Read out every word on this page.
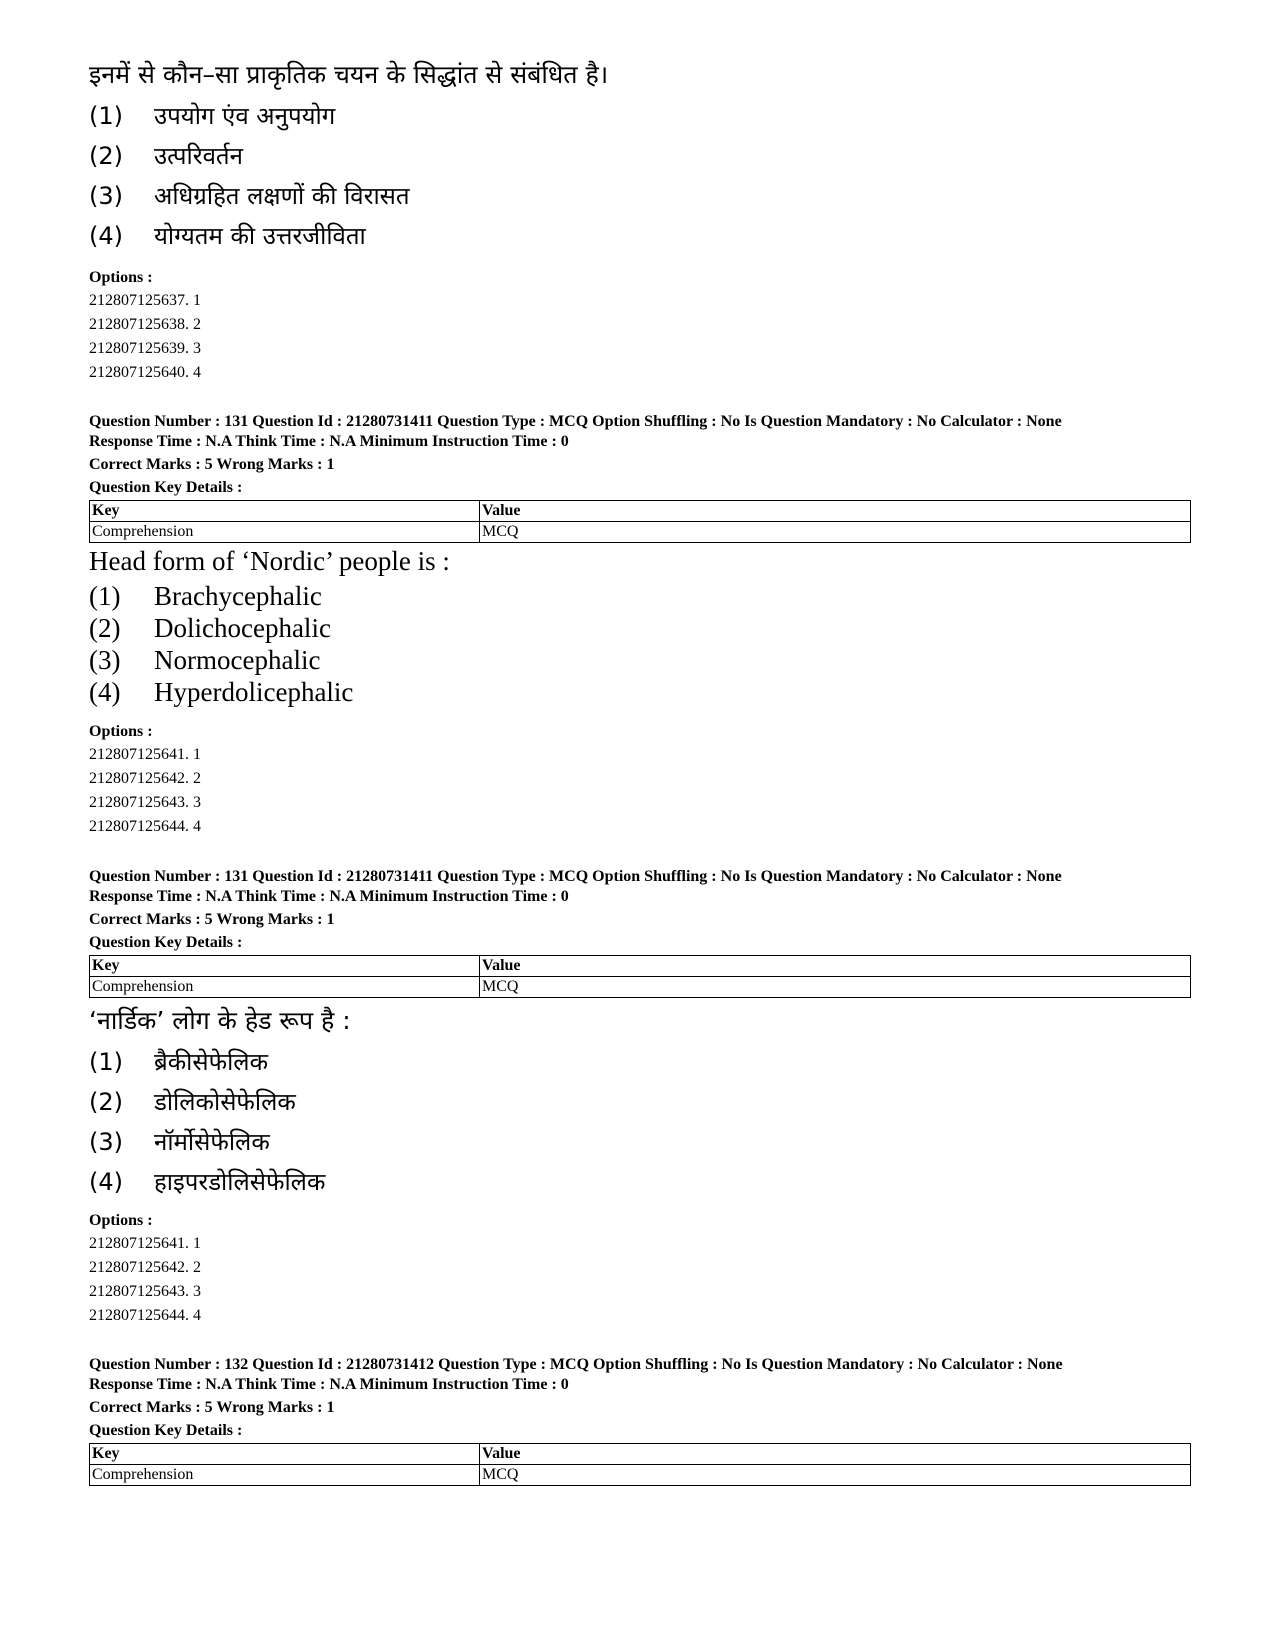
इनमें से कौन–सा प्राकृतिक चयन के सिद्धांत से संबंधित है।

(1)	उपयोग एंव अनुपयोग
(2)	उत्परिवर्तन
(3)	अधिग्रहित लक्षणों की विरासत
(4)	योग्यतम की उत्तरजीविता

Options :

212807125637. 1

212807125638. 2

212807125639. 3

212807125640. 4

Question Number : 131 Question Id : 21280731411 Question Type : MCQ Option Shuffling : No Is Question Mandatory : No Calculator : None

Response Time : N.A Think Time : N.A Minimum Instruction Time : 0

Correct Marks : 5 Wrong Marks : 1

Question Key Details :

Key	Value
Comprehension	MCQ

Head form of ‘Nordic’ people is :

(1)	Brachycephalic
(2)	Dolichocephalic
(3)	Normocephalic
(4)	Hyperdolicephalic

Options :

212807125641. 1

212807125642. 2

212807125643. 3

212807125644. 4

Question Number : 131 Question Id : 21280731411 Question Type : MCQ Option Shuffling : No Is Question Mandatory : No Calculator : None

Response Time : N.A Think Time : N.A Minimum Instruction Time : 0

Correct Marks : 5 Wrong Marks : 1

Question Key Details :

Key	Value
Comprehension	MCQ

‘नार्डिक’ लोग के हेड रूप है :

(1)	ब्रैकीसेफेलिक
(2)	डोलिकोसेफेलिक
(3)	नॉर्मोसेफेलिक
(4)	हाइपरडोलिसेफेलिक

Options :

212807125641. 1

212807125642. 2

212807125643. 3

212807125644. 4

Question Number : 132 Question Id : 21280731412 Question Type : MCQ Option Shuffling : No Is Question Mandatory : No Calculator : None

Response Time : N.A Think Time : N.A Minimum Instruction Time : 0

Correct Marks : 5 Wrong Marks : 1

Question Key Details :

Key	Value
Comprehension	MCQ
